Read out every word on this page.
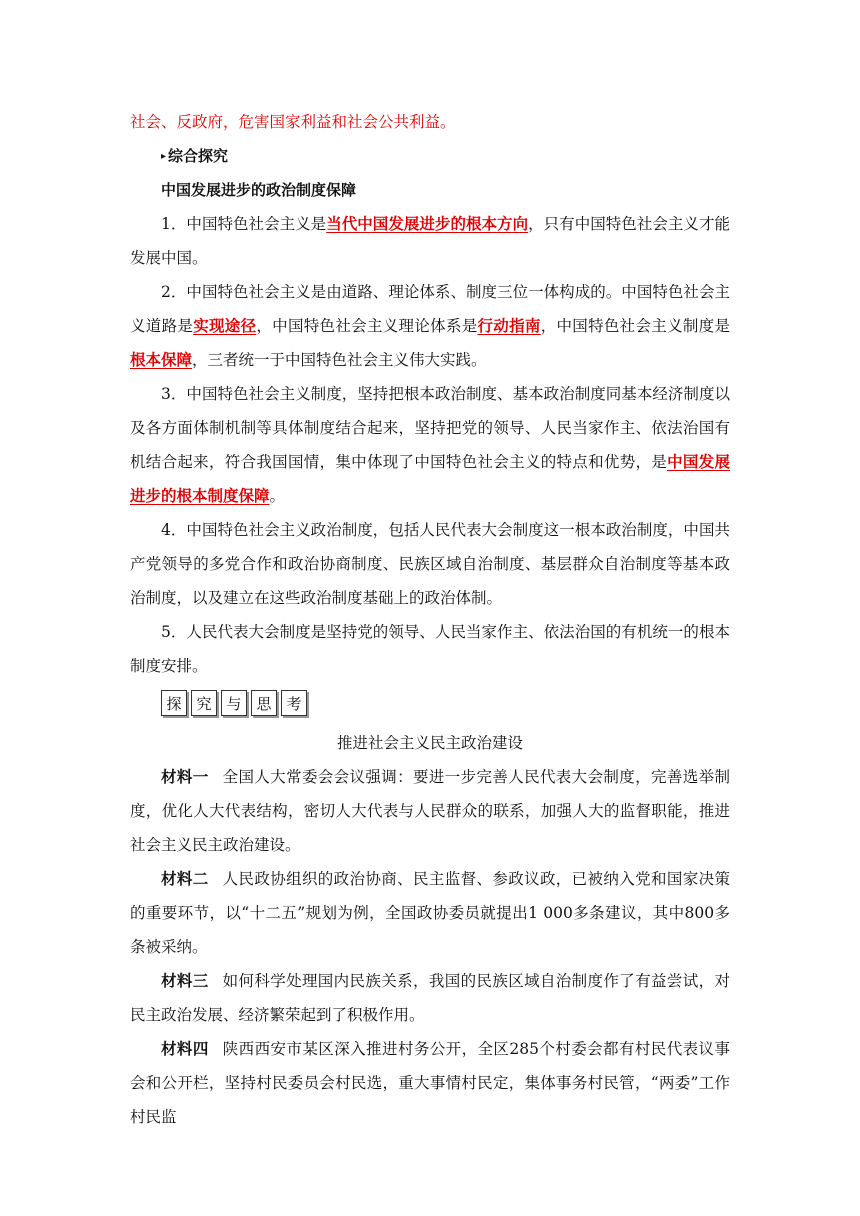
社会、反政府，危害国家利益和社会公共利益。

▸ 综合探究

中国发展进步的政治制度保障

1．中国特色社会主义是当代中国发展进步的根本方向，只有中国特色社会主义才能发展中国。

2．中国特色社会主义是由道路、理论体系、制度三位一体构成的。中国特色社会主义道路是实现途径，中国特色社会主义理论体系是行动指南，中国特色社会主义制度是根本保障，三者统一于中国特色社会主义伟大实践。

3．中国特色社会主义制度，坚持把根本政治制度、基本政治制度同基本经济制度以及各方面体制机制等具体制度结合起来，坚持把党的领导、人民当家作主、依法治国有机结合起来，符合我国国情，集中体现了中国特色社会主义的特点和优势，是中国发展进步的根本制度保障。

4．中国特色社会主义政治制度，包括人民代表大会制度这一根本政治制度，中国共产党领导的多党合作和政治协商制度、民族区域自治制度、基层群众自治制度等基本政治制度，以及建立在这些政治制度基础上的政治体制。

5．人民代表大会制度是坚持党的领导、人民当家作主、依法治国的有机统一的根本制度安排。

探 究 与 思 考

推进社会主义民主政治建设

材料一 全国人大常委会会议强调：要进一步完善人民代表大会制度，完善选举制度，优化人大代表结构，密切人大代表与人民群众的联系，加强人大的监督职能，推进社会主义民主政治建设。

材料二 人民政协组织的政治协商、民主监督、参政议政，已被纳入党和国家决策的重要环节，以“十二五”规划为例，全国政协委员就提出1 000多条建议，其中800多条被采纳。

材料三 如何科学处理国内民族关系，我国的民族区域自治制度作了有益尝试，对民主政治发展、经济繁荣起到了积极作用。

材料四 陕西西安市某区深入推进村务公开，全区285个村委会都有村民代表议事会和公开栏，坚持村民委员会村民选，重大事情村民定，集体事务村民管，“两委”工作村民监
